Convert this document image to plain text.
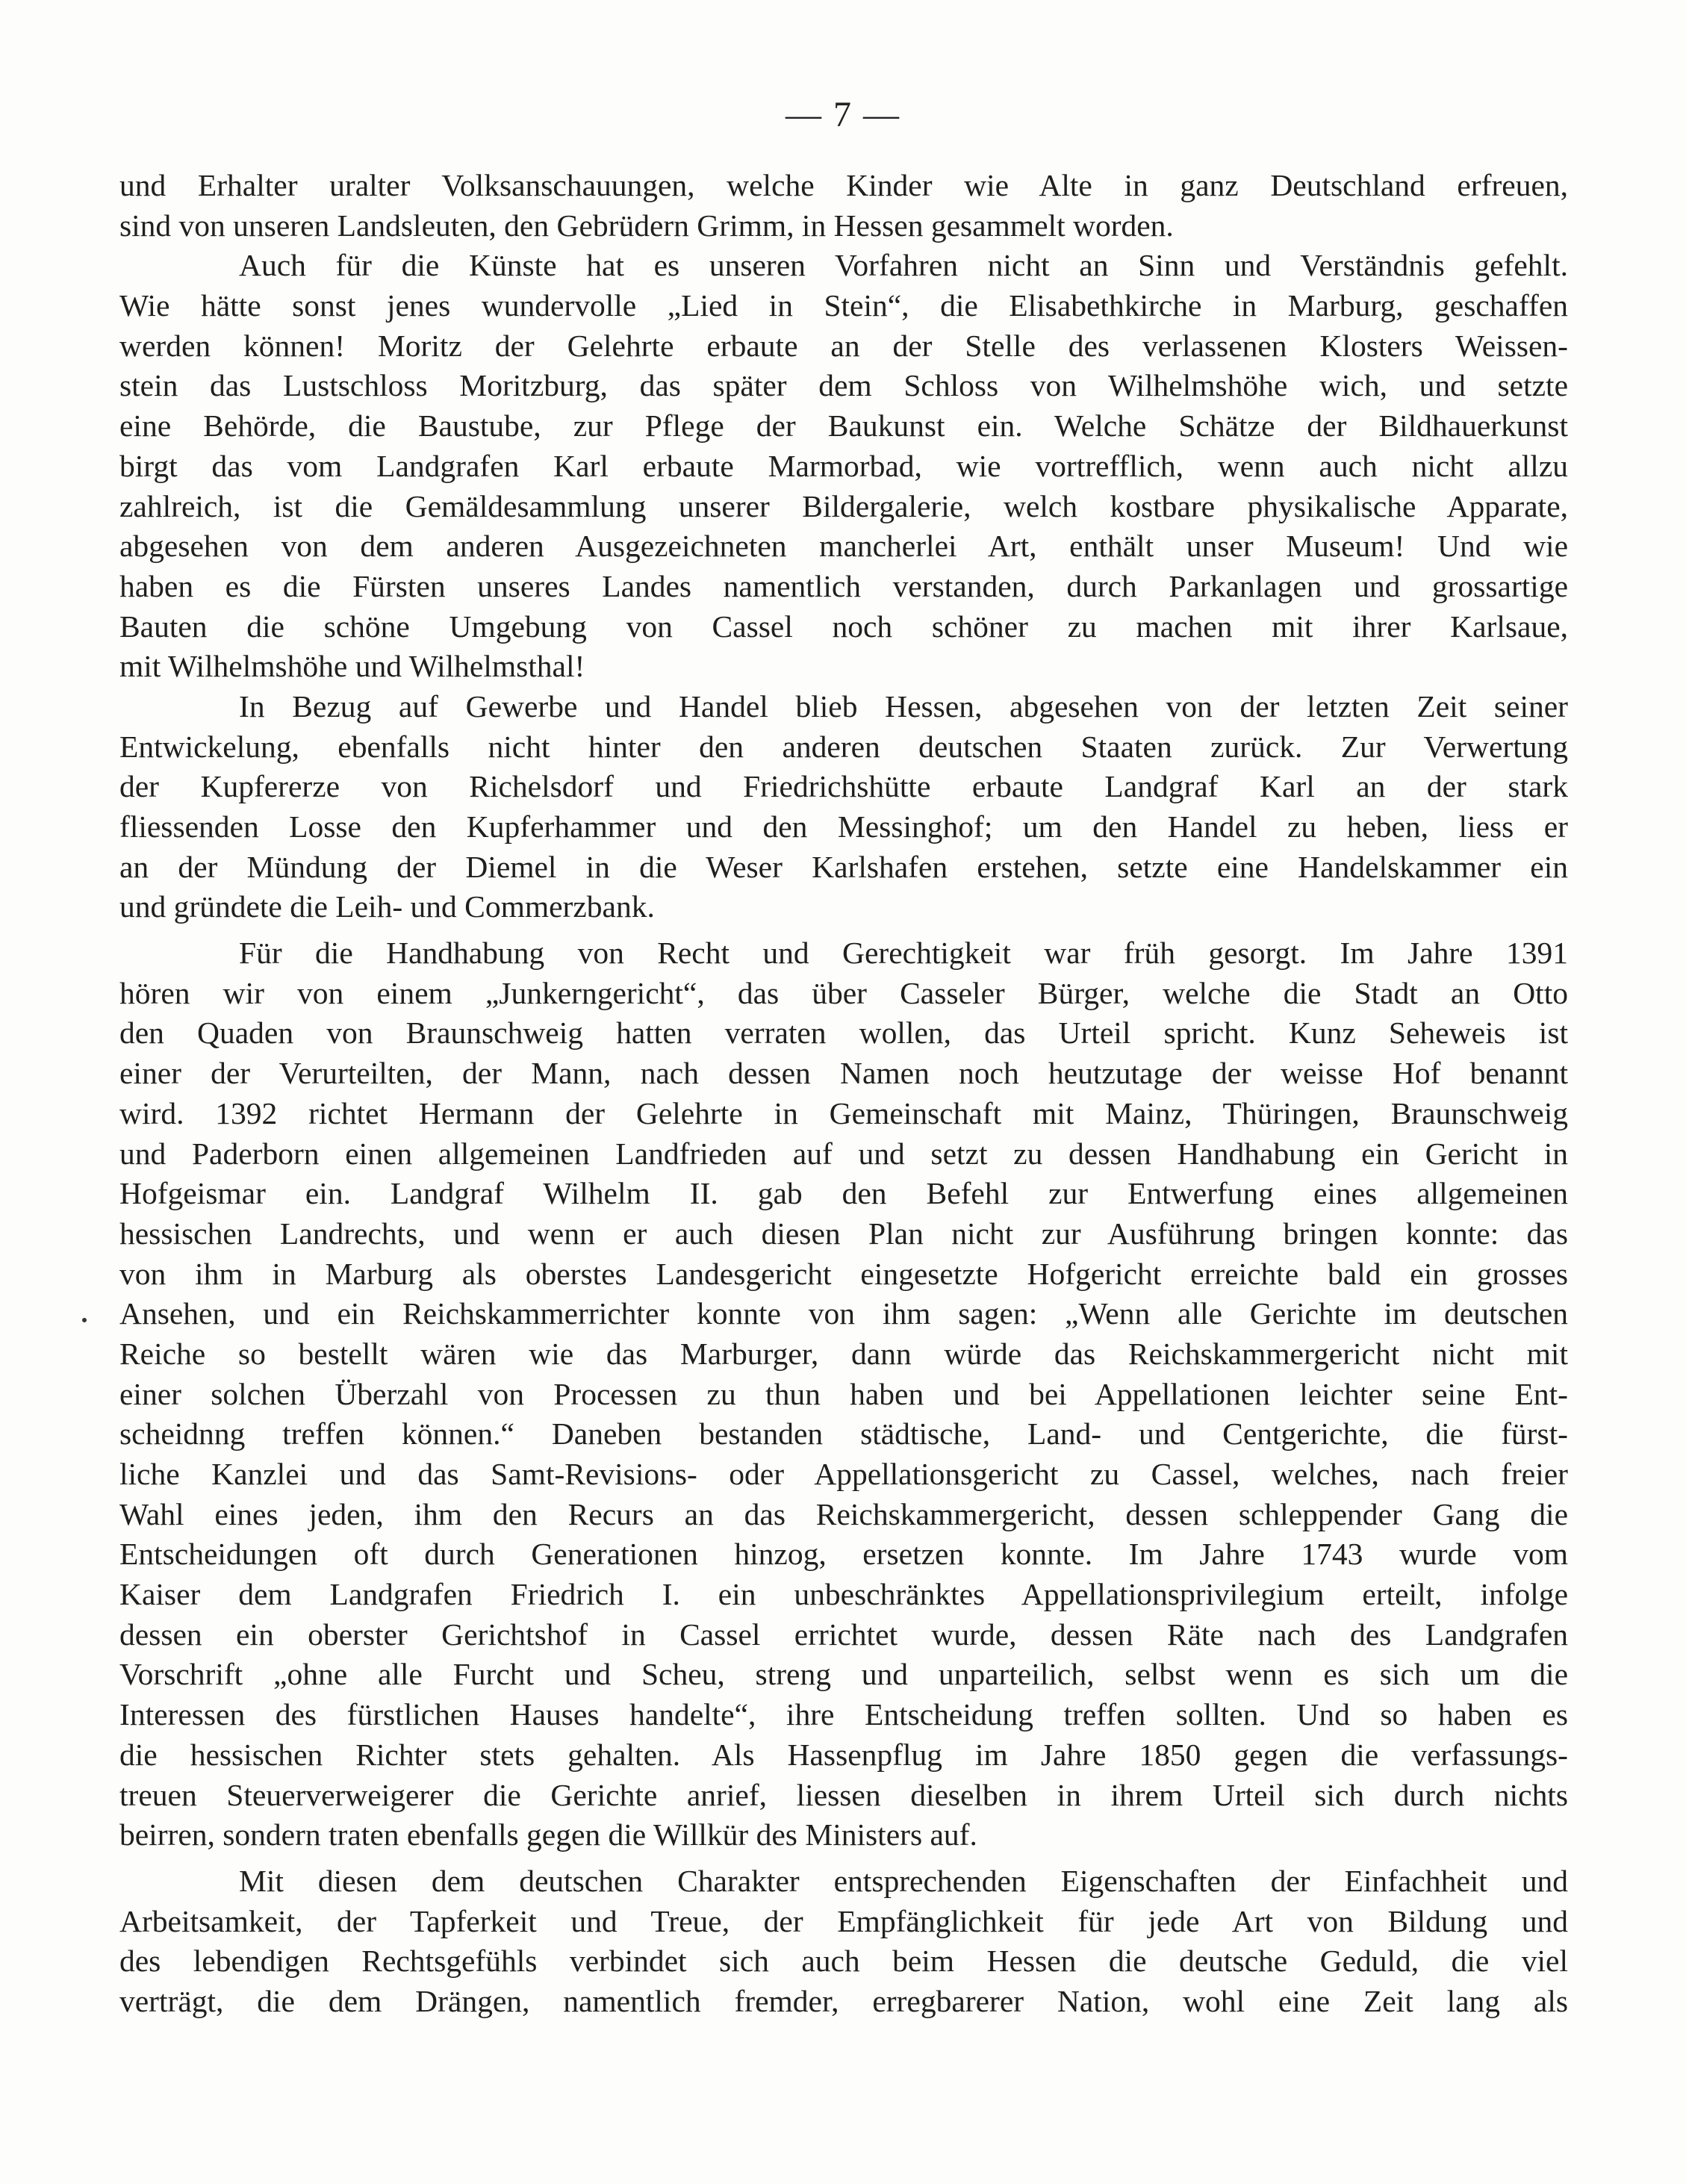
— 7 —
und Erhalter uralter Volksanschauungen, welche Kinder wie Alte in ganz Deutschland erfreuen,
sind von unseren Landsleuten, den Gebrüdern Grimm, in Hessen gesammelt worden.
Auch für die Künste hat es unseren Vorfahren nicht an Sinn und Verständnis gefehlt.
Wie hätte sonst jenes wundervolle „Lied in Stein“, die Elisabethkirche in Marburg, geschaffen
werden können! Moritz der Gelehrte erbaute an der Stelle des verlassenen Klosters Weissen-
stein das Lustschloss Moritzburg, das später dem Schloss von Wilhelmshöhe wich, und setzte
eine Behörde, die Baustube, zur Pflege der Baukunst ein. Welche Schätze der Bildhauerkunst
birgt das vom Landgrafen Karl erbaute Marmorbad, wie vortrefflich, wenn auch nicht allzu
zahlreich, ist die Gemäldesammlung unserer Bildergalerie, welch kostbare physikalische Apparate,
abgesehen von dem anderen Ausgezeichneten mancherlei Art, enthält unser Museum! Und wie
haben es die Fürsten unseres Landes namentlich verstanden, durch Parkanlagen und grossartige
Bauten die schöne Umgebung von Cassel noch schöner zu machen mit ihrer Karlsaue,
mit Wilhelmshöhe und Wilhelmsthal!
In Bezug auf Gewerbe und Handel blieb Hessen, abgesehen von der letzten Zeit seiner
Entwickelung, ebenfalls nicht hinter den anderen deutschen Staaten zurück. Zur Verwertung
der Kupfererze von Richelsdorf und Friedrichshütte erbaute Landgraf Karl an der stark
fliessenden Losse den Kupferhammer und den Messinghof; um den Handel zu heben, liess er
an der Mündung der Diemel in die Weser Karlshafen erstehen, setzte eine Handelskammer ein
und gründete die Leih- und Commerzbank.
Für die Handhabung von Recht und Gerechtigkeit war früh gesorgt. Im Jahre 1391
hören wir von einem „Junkerngericht“, das über Casseler Bürger, welche die Stadt an Otto
den Quaden von Braunschweig hatten verraten wollen, das Urteil spricht. Kunz Seheweis ist
einer der Verurteilten, der Mann, nach dessen Namen noch heutzutage der weisse Hof benannt
wird. 1392 richtet Hermann der Gelehrte in Gemeinschaft mit Mainz, Thüringen, Braunschweig
und Paderborn einen allgemeinen Landfrieden auf und setzt zu dessen Handhabung ein Gericht in
Hofgeismar ein. Landgraf Wilhelm II. gab den Befehl zur Entwerfung eines allgemeinen
hessischen Landrechts, und wenn er auch diesen Plan nicht zur Ausführung bringen konnte: das
von ihm in Marburg als oberstes Landesgericht eingesetzte Hofgericht erreichte bald ein grosses
Ansehen, und ein Reichskammerrichter konnte von ihm sagen: „Wenn alle Gerichte im deutschen
Reiche so bestellt wären wie das Marburger, dann würde das Reichskammergericht nicht mit
einer solchen Überzahl von Processen zu thun haben und bei Appellationen leichter seine Ent-
scheidnng treffen können.“ Daneben bestanden städtische, Land- und Centgerichte, die fürst-
liche Kanzlei und das Samt-Revisions- oder Appellationsgericht zu Cassel, welches, nach freier
Wahl eines jeden, ihm den Recurs an das Reichskammergericht, dessen schleppender Gang die
Entscheidungen oft durch Generationen hinzog, ersetzen konnte. Im Jahre 1743 wurde vom
Kaiser dem Landgrafen Friedrich I. ein unbeschränktes Appellationsprivilegium erteilt, infolge
dessen ein oberster Gerichtshof in Cassel errichtet wurde, dessen Räte nach des Landgrafen
Vorschrift „ohne alle Furcht und Scheu, streng und unparteilich, selbst wenn es sich um die
Interessen des fürstlichen Hauses handelte“, ihre Entscheidung treffen sollten. Und so haben es
die hessischen Richter stets gehalten. Als Hassenpflug im Jahre 1850 gegen die verfassungs-
treuen Steuerverweigerer die Gerichte anrief, liessen dieselben in ihrem Urteil sich durch nichts
beirren, sondern traten ebenfalls gegen die Willkür des Ministers auf.
Mit diesen dem deutschen Charakter entsprechenden Eigenschaften der Einfachheit und
Arbeitsamkeit, der Tapferkeit und Treue, der Empfänglichkeit für jede Art von Bildung und
des lebendigen Rechtsgefühls verbindet sich auch beim Hessen die deutsche Geduld, die viel
verträgt, die dem Drängen, namentlich fremder, erregbarerer Nation, wohl eine Zeit lang als
